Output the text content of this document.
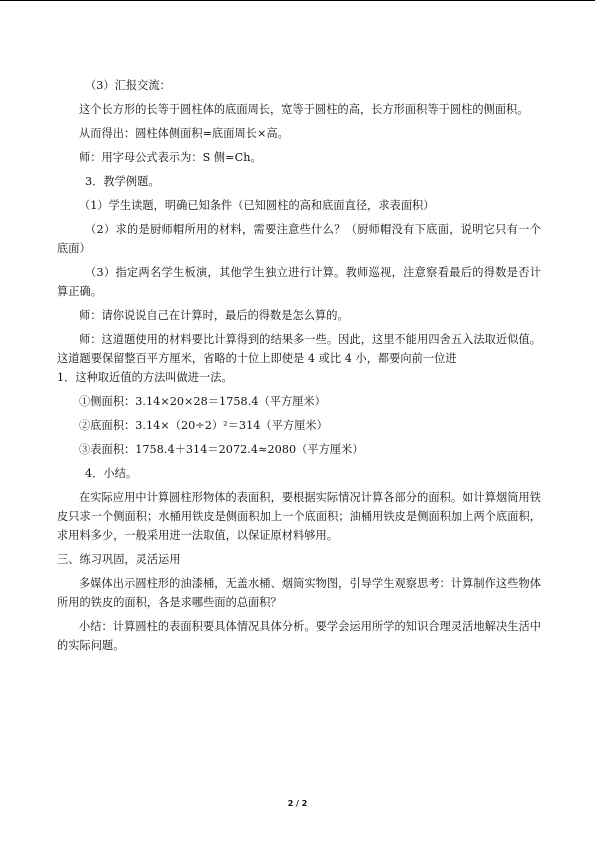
（3）汇报交流：

这个长方形的长等于圆柱体的底面周长，宽等于圆柱的高，长方形面积等于圆柱的侧面积。

从而得出：圆柱体侧面积=底面周长×高。

师：用字母公式表示为：S 侧=Ch。

3．教学例题。

（1）学生读题，明确已知条件（已知圆柱的高和底面直径，求表面积）

（2）求的是厨师帽所用的材料，需要注意些什么？（厨师帽没有下底面，说明它只有一个底面）

（3）指定两名学生板演，其他学生独立进行计算。教师巡视，注意察看最后的得数是否计算正确。

师：请你说说自己在计算时，最后的得数是怎么算的。

师：这道题使用的材料要比计算得到的结果多一些。因此，这里不能用四舍五入法取近似值。这道题要保留整百平方厘米，省略的十位上即使是 4 或比 4 小，都要向前一位进

1．这种取近值的方法叫做进一法。

①侧面积：3.14×20×28＝1758.4（平方厘米）

②底面积：3.14×（20÷2）²＝314（平方厘米）

③表面积：1758.4＋314＝2072.4≈2080（平方厘米）

4．小结。

在实际应用中计算圆柱形物体的表面积，要根据实际情况计算各部分的面积。如计算烟筒用铁皮只求一个侧面积；水桶用铁皮是侧面积加上一个底面积；油桶用铁皮是侧面积加上两个底面积，求用料多少，一般采用进一法取值，以保证原材料够用。

三、练习巩固，灵活运用

多媒体出示圆柱形的油漆桶，无盖水桶、烟筒实物图，引导学生观察思考：计算制作这些物体所用的铁皮的面积，各是求哪些面的总面积？

小结：计算圆柱的表面积要具体情况具体分析。要学会运用所学的知识合理灵活地解决生活中的实际问题。

2 / 2
